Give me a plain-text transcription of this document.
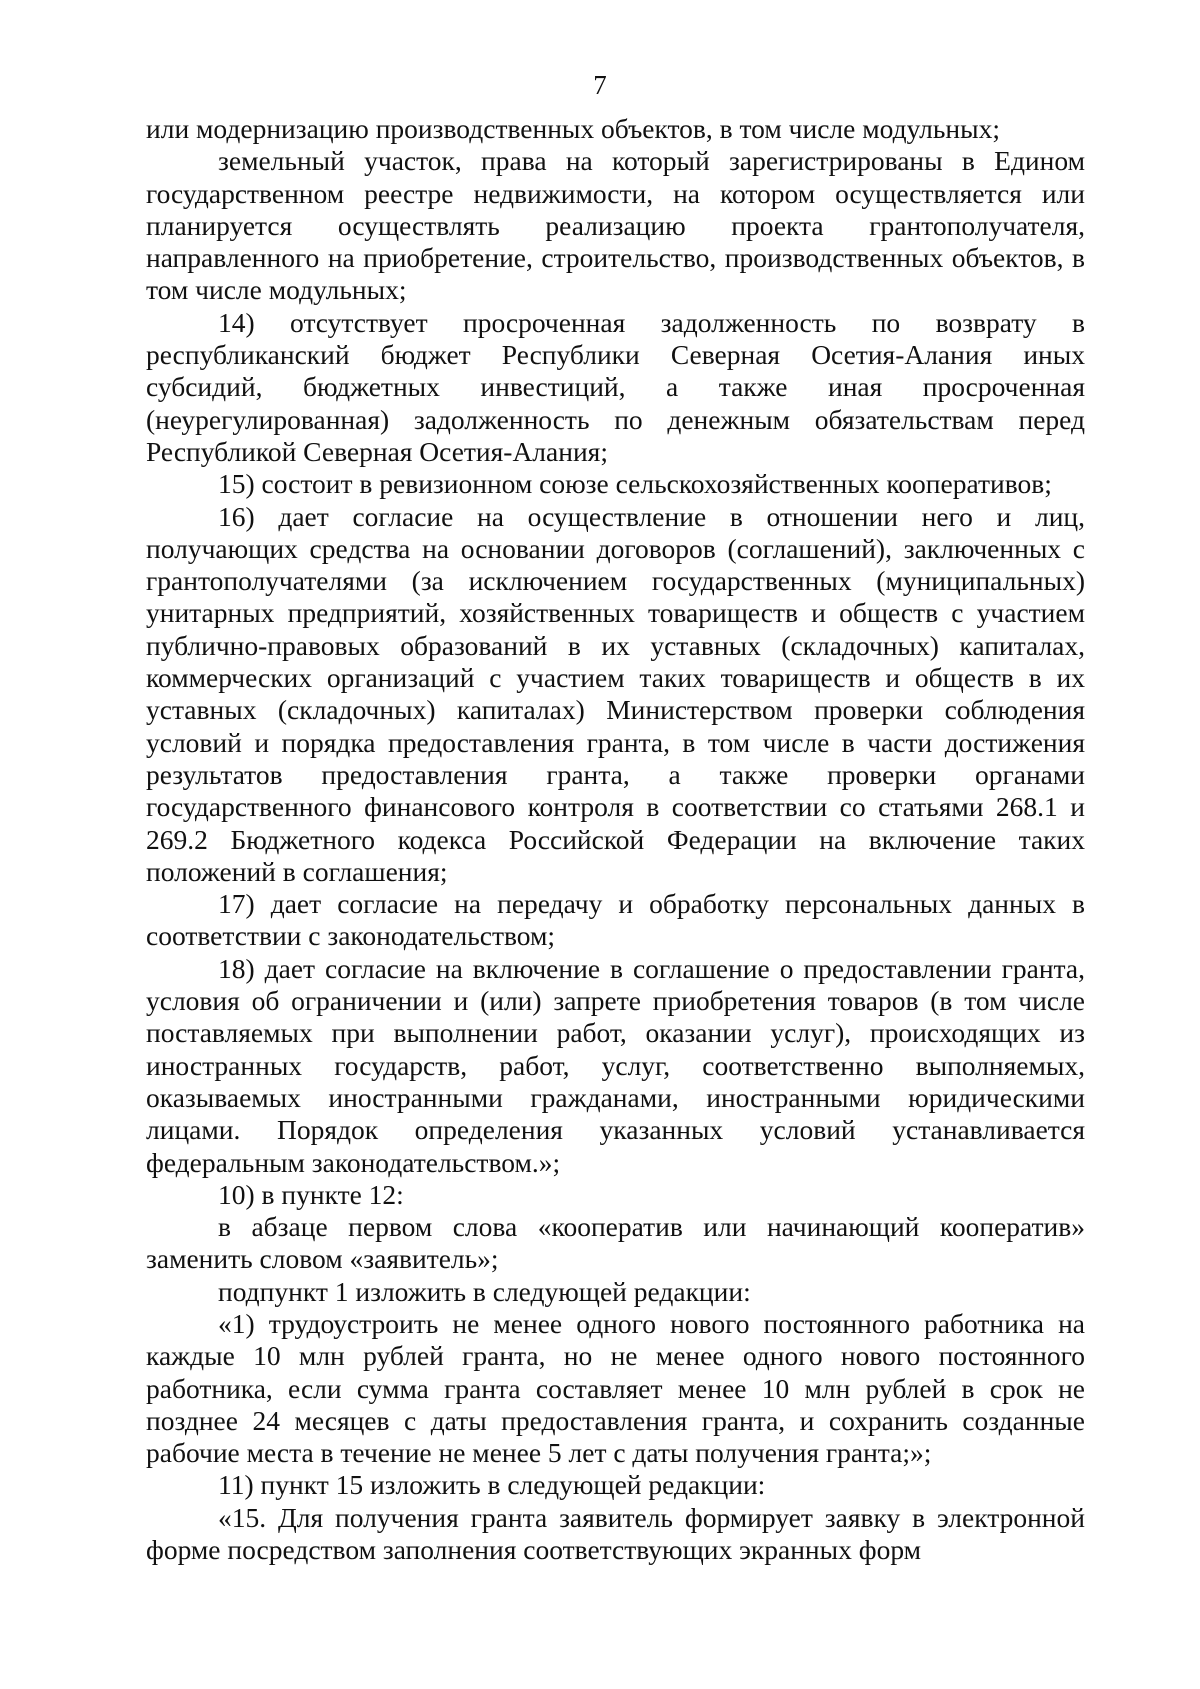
7

или модернизацию производственных объектов, в том числе модульных;

земельный участок, права на который зарегистрированы в Едином государственном реестре недвижимости, на котором осуществляется или планируется осуществлять реализацию проекта грантополучателя, направленного на приобретение, строительство, производственных объектов, в том числе модульных;

14) отсутствует просроченная задолженность по возврату в республиканский бюджет Республики Северная Осетия-Алания иных субсидий, бюджетных инвестиций, а также иная просроченная (неурегулированная) задолженность по денежным обязательствам перед Республикой Северная Осетия-Алания;

15) состоит в ревизионном союзе сельскохозяйственных кооперативов;

16) дает согласие на осуществление в отношении него и лиц, получающих средства на основании договоров (соглашений), заключенных с грантополучателями (за исключением государственных (муниципальных) унитарных предприятий, хозяйственных товариществ и обществ с участием публично-правовых образований в их уставных (складочных) капиталах, коммерческих организаций с участием таких товариществ и обществ в их уставных (складочных) капиталах) Министерством проверки соблюдения условий и порядка предоставления гранта, в том числе в части достижения результатов предоставления гранта, а также проверки органами государственного финансового контроля в соответствии со статьями 268.1 и 269.2 Бюджетного кодекса Российской Федерации на включение таких положений в соглашения;

17) дает согласие на передачу и обработку персональных данных в соответствии с законодательством;

18) дает согласие на включение в соглашение о предоставлении гранта, условия об ограничении и (или) запрете приобретения товаров (в том числе поставляемых при выполнении работ, оказании услуг), происходящих из иностранных государств, работ, услуг, соответственно выполняемых, оказываемых иностранными гражданами, иностранными юридическими лицами. Порядок определения указанных условий устанавливается федеральным законодательством.»;

10) в пункте 12:

в абзаце первом слова «кооператив или начинающий кооператив» заменить словом «заявитель»;

подпункт 1 изложить в следующей редакции:

«1) трудоустроить не менее одного нового постоянного работника на каждые 10 млн рублей гранта, но не менее одного нового постоянного работника, если сумма гранта составляет менее 10 млн рублей в срок не позднее 24 месяцев с даты предоставления гранта, и сохранить созданные рабочие места в течение не менее 5 лет с даты получения гранта;»;

11) пункт 15 изложить в следующей редакции:

«15. Для получения гранта заявитель формирует заявку в электронной форме посредством заполнения соответствующих экранных форм
